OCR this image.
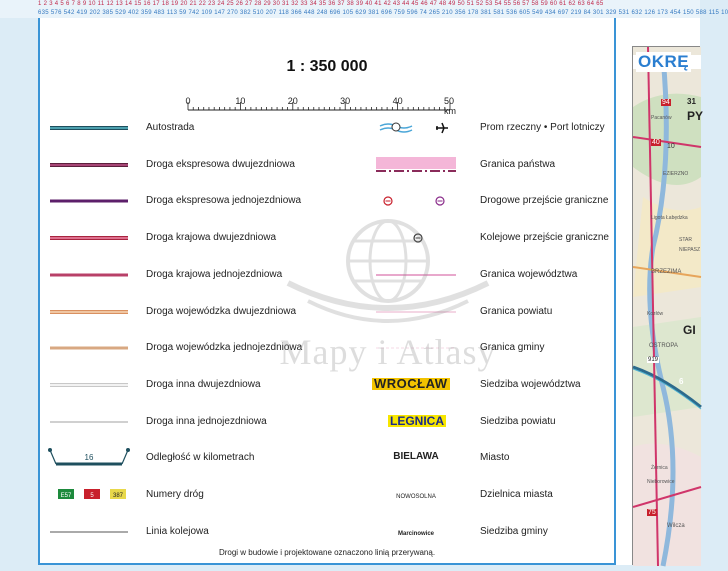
1 2 3 4 5 6 7 8 9 10 11 12 13 14 15 16 17 18 19 20 21 22 23 24 25 26 27 28 29 30 31 32 33 34 35 36 37 38 39 40 41 42 43 44 45 46 47 48 49 50 51 52 53 54 55 56 57 58 59 60 61 62 63 64 65
635 576 542 419 202 385 529 402 359 483 113 59 742 109 147 270 382 510 207 118 366 448 248 696 105 629 381 696 759 596 74 265 210 356 178 381 581 536 605 549 434 697 219 84 301 329 531 632 126 173 454 150 588 115 10
1 : 350 000
0	10	20	30	40	50 km
Autostrada
Droga ekspresowa dwujezdniowa
Droga ekspresowa jednojezdniowa
Droga krajowa dwujezdniowa
Droga krajowa jednojezdniowa
Droga wojewódzka dwujezdniowa
Droga wojewódzka jednojezdniowa
Droga inna dwujezdniowa
Droga inna jednojezdniowa
16	Odległość w kilometrach
E57	5	387 Numery dróg
Linia kolejowa
Prom rzeczny • Port lotniczy
Granica państwa
Drogowe przejście graniczne
Kolejowe przejście graniczne
Granica województwa
Granica powiatu
Granica gminy
WROCŁAW	Siedziba województwa
LEGNICA	Siedziba powiatu
BIELAWA	Miasto
NOWOSOLNA	Dzielnica miasta
Marcinowice	Siedziba gminy
Mapy i Atlasy
Drogi w budowie i projektowane oznaczono linią przerywaną.
94 31
PY
Pacanów
40
10
EZIERZNO
Ligota Łabędzka
STAR
NIEPASZ
BRZEZIMA
Kozłów
GI
OSTROPA
919
6
Żernica
Nieborowice
75
Wilcza
OKRĘ
